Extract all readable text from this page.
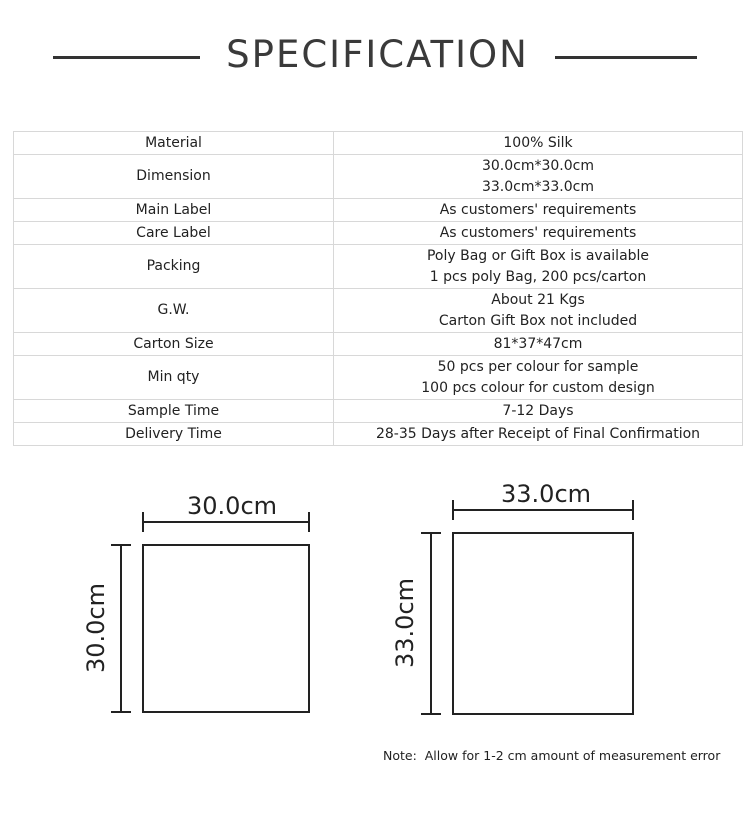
SPECIFICATION
Material	100% Silk

Dimension	30.0cm*30.0cm
33.0cm*33.0cm

Main Label	As customers' requirements

Care Label	As customers' requirements

Packing	Poly Bag or Gift Box is available
1 pcs poly Bag, 200 pcs/carton

G.W.	About 21 Kgs
Carton Gift Box not included

Carton Size	81*37*47cm

Min qty	50 pcs per colour for sample
100 pcs colour for custom design

Sample Time	7-12 Days

Delivery Time	28-35 Days after Receipt of Final Confirmation
30.0cm
30.0cm
33.0cm
33.0cm
Note:  Allow for 1-2 cm amount of measurement error
